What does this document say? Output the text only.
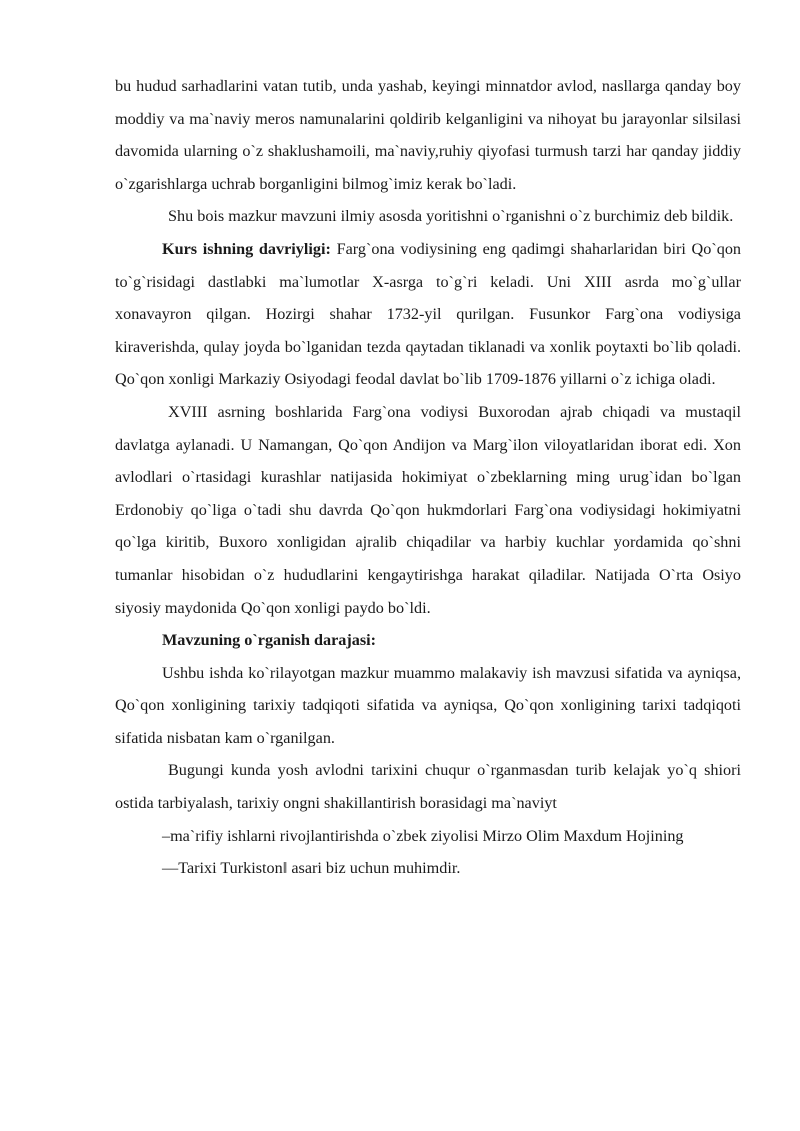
bu hudud sarhadlarini vatan tutib, unda yashab, keyingi minnatdor avlod, nasllarga qanday boy moddiy va ma`naviy meros namunalarini qoldirib kelganligini va nihoyat bu jarayonlar silsilasi davomida ularning o`z shaklushamoili, ma`naviy,ruhiy qiyofasi turmush tarzi har qanday jiddiy o`zgarishlarga uchrab borganligini bilmog`imiz kerak bo`ladi.

Shu bois mazkur mavzuni ilmiy asosda yoritishni o`rganishni o`z burchimiz deb bildik.

Kurs ishning davriyligi: Farg`ona vodiysining eng qadimgi shaharlaridan biri Qo`qon to`g`risidagi dastlabki ma`lumotlar X-asrga to`g`ri keladi. Uni XIII asrda mo`g`ullar xonavayron qilgan. Hozirgi shahar 1732-yil qurilgan. Fusunkor Farg`ona vodiysiga kiraverishda, qulay joyda bo`lganidan tezda qaytadan tiklanadi va xonlik poytaxti bo`lib qoladi. Qo`qon xonligi Markaziy Osiyodagi feodal davlat bo`lib 1709-1876 yillarni o`z ichiga oladi.

XVIII asrning boshlarida Farg`ona vodiysi Buxorodan ajrab chiqadi va mustaqil davlatga aylanadi. U Namangan, Qo`qon Andijon va Marg`ilon viloyatlaridan iborat edi. Xon avlodlari o`rtasidagi kurashlar natijasida hokimiyat o`zbeklarning ming urug`idan bo`lgan Erdonobiy qo`liga o`tadi shu davrda Qo`qon hukmdorlari Farg`ona vodiysidagi hokimiyatni qo`lga kiritib, Buxoro xonligidan ajralib chiqadilar va harbiy kuchlar yordamida qo`shni tumanlar hisobidan o`z hududlarini kengaytirishga harakat qiladilar. Natijada O`rta Osiyo siyosiy maydonida Qo`qon xonligi paydo bo`ldi.

Mavzuning o`rganish darajasi:

Ushbu ishda ko`rilayotgan mazkur muammo malakaviy ish mavzusi sifatida va ayniqsa, Qo`qon xonligining tarixiy tadqiqoti sifatida va ayniqsa, Qo`qon xonligining tarixi tadqiqoti sifatida nisbatan kam o`rganilgan.

Bugungi kunda yosh avlodni tarixini chuqur o`rganmasdan turib kelajak yo`q shiori ostida tarbiyalash, tarixiy ongni shakillantirish borasidagi ma`naviyt

–ma`rifiy ishlarni rivojlantirishda o`zbek ziyolisi Mirzo Olim Maxdum Hojining

―Tarixi Turkiston‖ asari biz uchun muhimdir.
